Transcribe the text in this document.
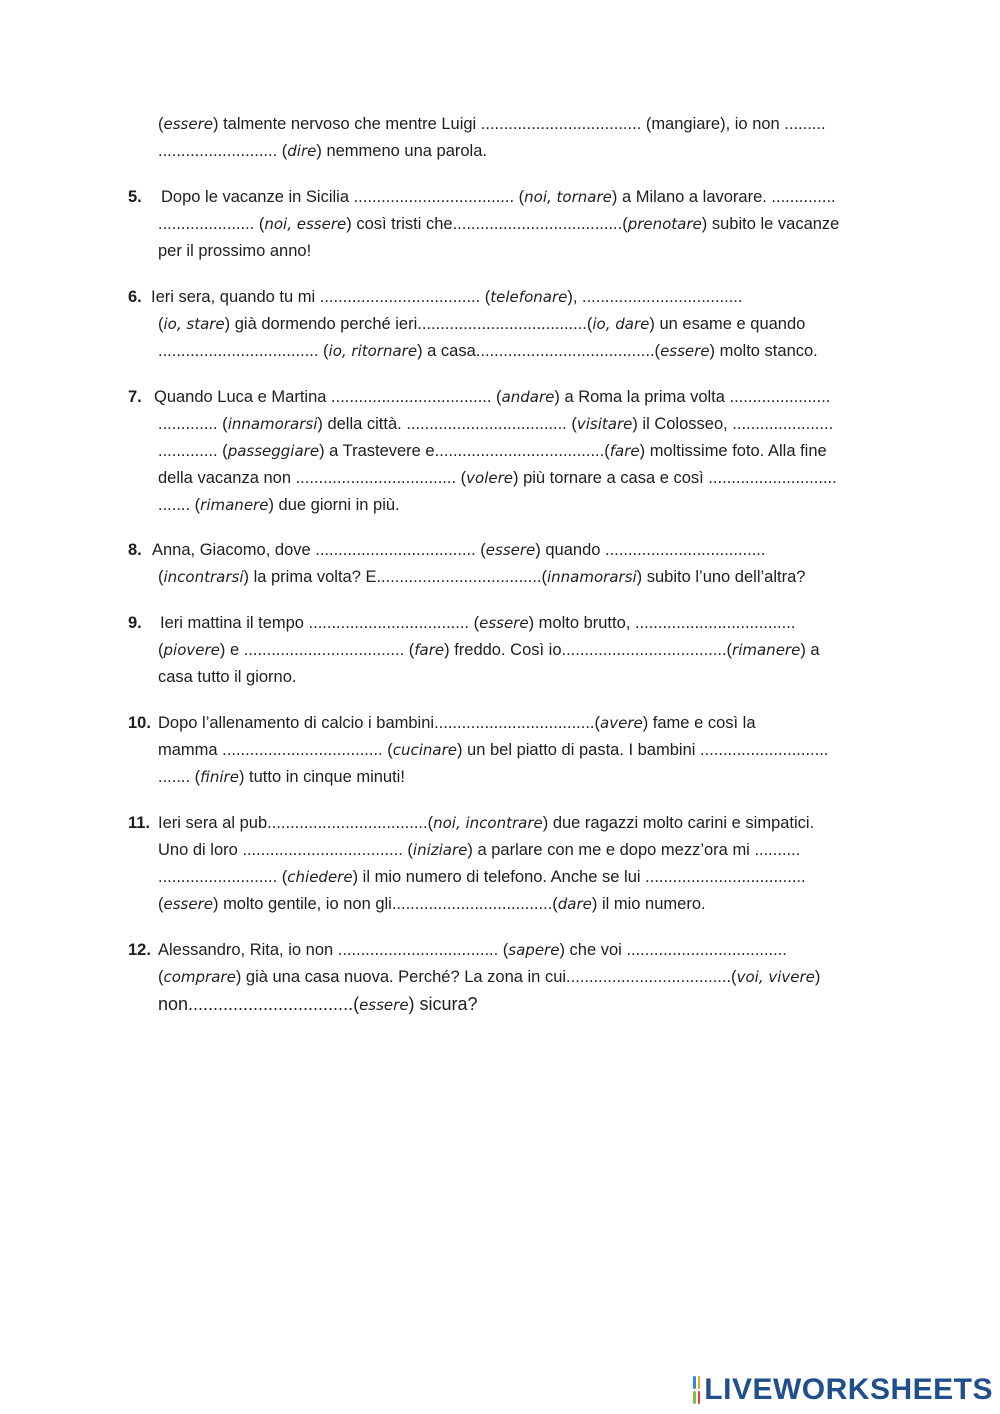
(essere) talmente nervoso che mentre Luigi ................................... (mangiare), io non .........
.......................... (dire) nemmeno una parola.
5. Dopo le vacanze in Sicilia ................................... (noi, tornare) a Milano a lavorare. ..............
..................... (noi, essere) così tristi che.....................................(prenotare) subito le vacanze
per il prossimo anno!
6. Ieri sera, quando tu mi ................................... (telefonare), ...................................
(io, stare) già dormendo perché ieri.....................................(io, dare) un esame e quando
................................... (io, ritornare) a casa.......................................(essere) molto stanco.
7. Quando Luca e Martina ................................... (andare) a Roma la prima volta ......................
............. (innamorarsi) della città. ................................... (visitare) il Colosseo, ......................
............. (passeggiare) a Trastevere e.....................................(fare) moltissime foto. Alla fine
della vacanza non ................................... (volere) più tornare a casa e così ............................
....... (rimanere) due giorni in più.
8. Anna, Giacomo, dove ................................... (essere) quando ...................................
(incontrarsi) la prima volta? E....................................(innamorarsi) subito l’uno dell’altra?
9. Ieri mattina il tempo ................................... (essere) molto brutto, ...................................
(piovere) e ................................... (fare) freddo. Così io....................................(rimanere) a
casa tutto il giorno.
10. Dopo l’allenamento di calcio i bambini...................................(avere) fame e così la
mamma ................................... (cucinare) un bel piatto di pasta. I bambini ............................
....... (finire) tutto in cinque minuti!
11. Ieri sera al pub...................................(noi, incontrare) due ragazzi molto carini e simpatici.
Uno di loro ................................... (iniziare) a parlare con me e dopo mezz’ora mi ..........
.......................... (chiedere) il mio numero di telefono. Anche se lui ...................................
(essere) molto gentile, io non gli...................................(dare) il mio numero.
12. Alessandro, Rita, io non ................................... (sapere) che voi ...................................
(comprare) già una casa nuova. Perché? La zona in cui....................................(voi, vivere)
non.................................(essere) sicura?
LIVEWORKSHEETS
